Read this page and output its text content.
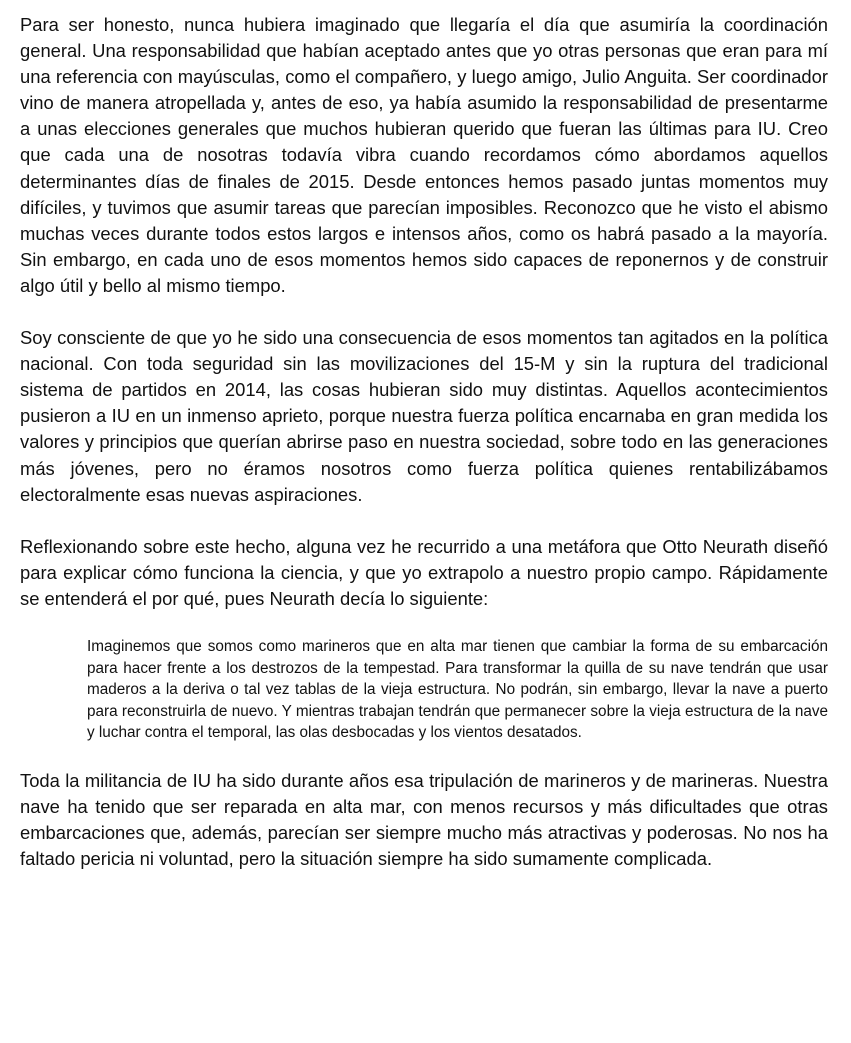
Para ser honesto, nunca hubiera imaginado que llegaría el día que asumiría la coordinación general. Una responsabilidad que habían aceptado antes que yo otras personas que eran para mí una referencia con mayúsculas, como el compañero, y luego amigo, Julio Anguita. Ser coordinador vino de manera atropellada y, antes de eso, ya había asumido la responsabilidad de presentarme a unas elecciones generales que muchos hubieran querido que fueran las últimas para IU. Creo que cada una de nosotras todavía vibra cuando recordamos cómo abordamos aquellos determinantes días de finales de 2015. Desde entonces hemos pasado juntas momentos muy difíciles, y tuvimos que asumir tareas que parecían imposibles. Reconozco que he visto el abismo muchas veces durante todos estos largos e intensos años, como os habrá pasado a la mayoría. Sin embargo, en cada uno de esos momentos hemos sido capaces de reponernos y de construir algo útil y bello al mismo tiempo.

Soy consciente de que yo he sido una consecuencia de esos momentos tan agitados en la política nacional. Con toda seguridad sin las movilizaciones del 15-M y sin la ruptura del tradicional sistema de partidos en 2014, las cosas hubieran sido muy distintas. Aquellos acontecimientos pusieron a IU en un inmenso aprieto, porque nuestra fuerza política encarnaba en gran medida los valores y principios que querían abrirse paso en nuestra sociedad, sobre todo en las generaciones más jóvenes, pero no éramos nosotros como fuerza política quienes rentabilizábamos electoralmente esas nuevas aspiraciones.

Reflexionando sobre este hecho, alguna vez he recurrido a una metáfora que Otto Neurath diseñó para explicar cómo funciona la ciencia, y que yo extrapolo a nuestro propio campo. Rápidamente se entenderá el por qué, pues Neurath decía lo siguiente:

Imaginemos que somos como marineros que en alta mar tienen que cambiar la forma de su embarcación para hacer frente a los destrozos de la tempestad. Para transformar la quilla de su nave tendrán que usar maderos a la deriva o tal vez tablas de la vieja estructura. No podrán, sin embargo, llevar la nave a puerto para reconstruirla de nuevo. Y mientras trabajan tendrán que permanecer sobre la vieja estructura de la nave y luchar contra el temporal, las olas desbocadas y los vientos desatados.

Toda la militancia de IU ha sido durante años esa tripulación de marineros y de marineras. Nuestra nave ha tenido que ser reparada en alta mar, con menos recursos y más dificultades que otras embarcaciones que, además, parecían ser siempre mucho más atractivas y poderosas. No nos ha faltado pericia ni voluntad, pero la situación siempre ha sido sumamente complicada.
